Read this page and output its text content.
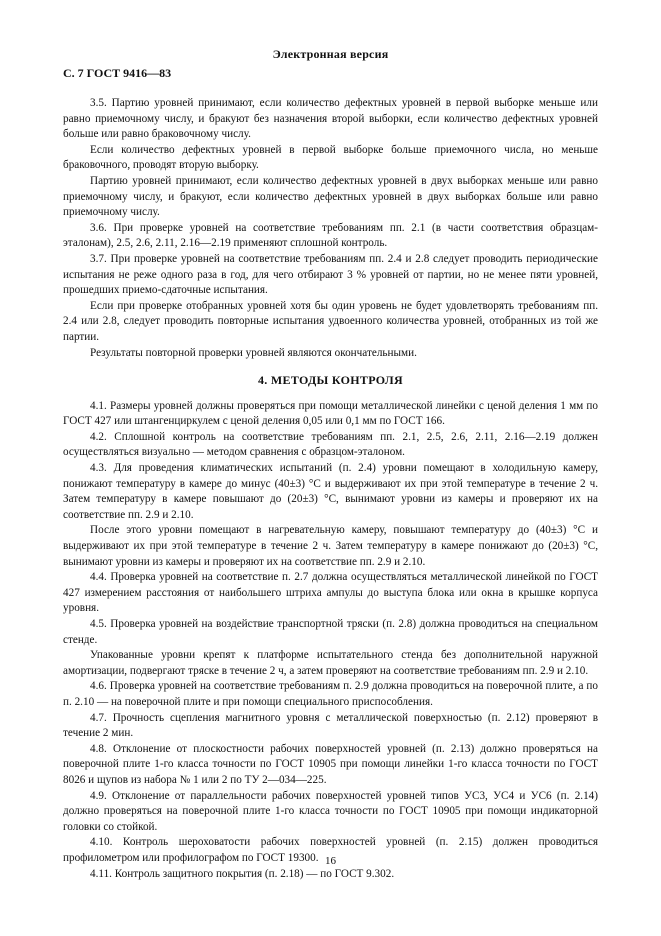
Электронная версия
С. 7 ГОСТ 9416—83

3.5. Партию уровней принимают, если количество дефектных уровней в первой выборке меньше или равно приемочному числу, и бракуют без назначения второй выборки, если количество дефектных уровней больше или равно браковочному числу.

Если количество дефектных уровней в первой выборке больше приемочного числа, но меньше браковочного, проводят вторую выборку.

Партию уровней принимают, если количество дефектных уровней в двух выборках меньше или равно приемочному числу, и бракуют, если количество дефектных уровней в двух выборках больше или равно приемочному числу.

3.6. При проверке уровней на соответствие требованиям пп. 2.1 (в части соответствия образцам-эталонам), 2.5, 2.6, 2.11, 2.16—2.19 применяют сплошной контроль.

3.7. При проверке уровней на соответствие требованиям пп. 2.4 и 2.8 следует проводить периодические испытания не реже одного раза в год, для чего отбирают 3 % уровней от партии, но не менее пяти уровней, прошедших приемо-сдаточные испытания.

Если при проверке отобранных уровней хотя бы один уровень не будет удовлетворять требованиям пп. 2.4 или 2.8, следует проводить повторные испытания удвоенного количества уровней, отобранных из той же партии.

Результаты повторной проверки уровней являются окончательными.

4. МЕТОДЫ КОНТРОЛЯ

4.1. Размеры уровней должны проверяться при помощи металлической линейки с ценой деления 1 мм по ГОСТ 427 или штангенциркулем с ценой деления 0,05 или 0,1 мм по ГОСТ 166.

4.2. Сплошной контроль на соответствие требованиям пп. 2.1, 2.5, 2.6, 2.11, 2.16—2.19 должен осуществляться визуально — методом сравнения с образцом-эталоном.

4.3. Для проведения климатических испытаний (п. 2.4) уровни помещают в холодильную камеру, понижают температуру в камере до минус (40±3) °С и выдерживают их при этой температуре в течение 2 ч. Затем температуру в камере повышают до (20±3) °С, вынимают уровни из камеры и проверяют их на соответствие пп. 2.9 и 2.10.

После этого уровни помещают в нагревательную камеру, повышают температуру до (40±3) °С и выдерживают их при этой температуре в течение 2 ч. Затем температуру в камере понижают до (20±3) °С, вынимают уровни из камеры и проверяют их на соответствие пп. 2.9 и 2.10.

4.4. Проверка уровней на соответствие п. 2.7 должна осуществляться металлической линейкой по ГОСТ 427 измерением расстояния от наибольшего штриха ампулы до выступа блока или окна в крышке корпуса уровня.

4.5. Проверка уровней на воздействие транспортной тряски (п. 2.8) должна проводиться на специальном стенде.

Упакованные уровни крепят к платформе испытательного стенда без дополнительной наружной амортизации, подвергают тряске в течение 2 ч, а затем проверяют на соответствие требованиям пп. 2.9 и 2.10.

4.6. Проверка уровней на соответствие требованиям п. 2.9 должна проводиться на поверочной плите, а по п. 2.10 — на поверочной плите и при помощи специального приспособления.

4.7. Прочность сцепления магнитного уровня с металлической поверхностью (п. 2.12) проверяют в течение 2 мин.

4.8. Отклонение от плоскостности рабочих поверхностей уровней (п. 2.13) должно проверяться на поверочной плите 1-го класса точности по ГОСТ 10905 при помощи линейки 1-го класса точности по ГОСТ 8026 и щупов из набора № 1 или 2 по ТУ 2—034—225.

4.9. Отклонение от параллельности рабочих поверхностей уровней типов УС3, УС4 и УС6 (п. 2.14) должно проверяться на поверочной плите 1-го класса точности по ГОСТ 10905 при помощи индикаторной головки со стойкой.

4.10. Контроль шероховатости рабочих поверхностей уровней (п. 2.15) должен проводиться профилометром или профилографом по ГОСТ 19300.

4.11. Контроль защитного покрытия (п. 2.18) — по ГОСТ 9.302.

16
